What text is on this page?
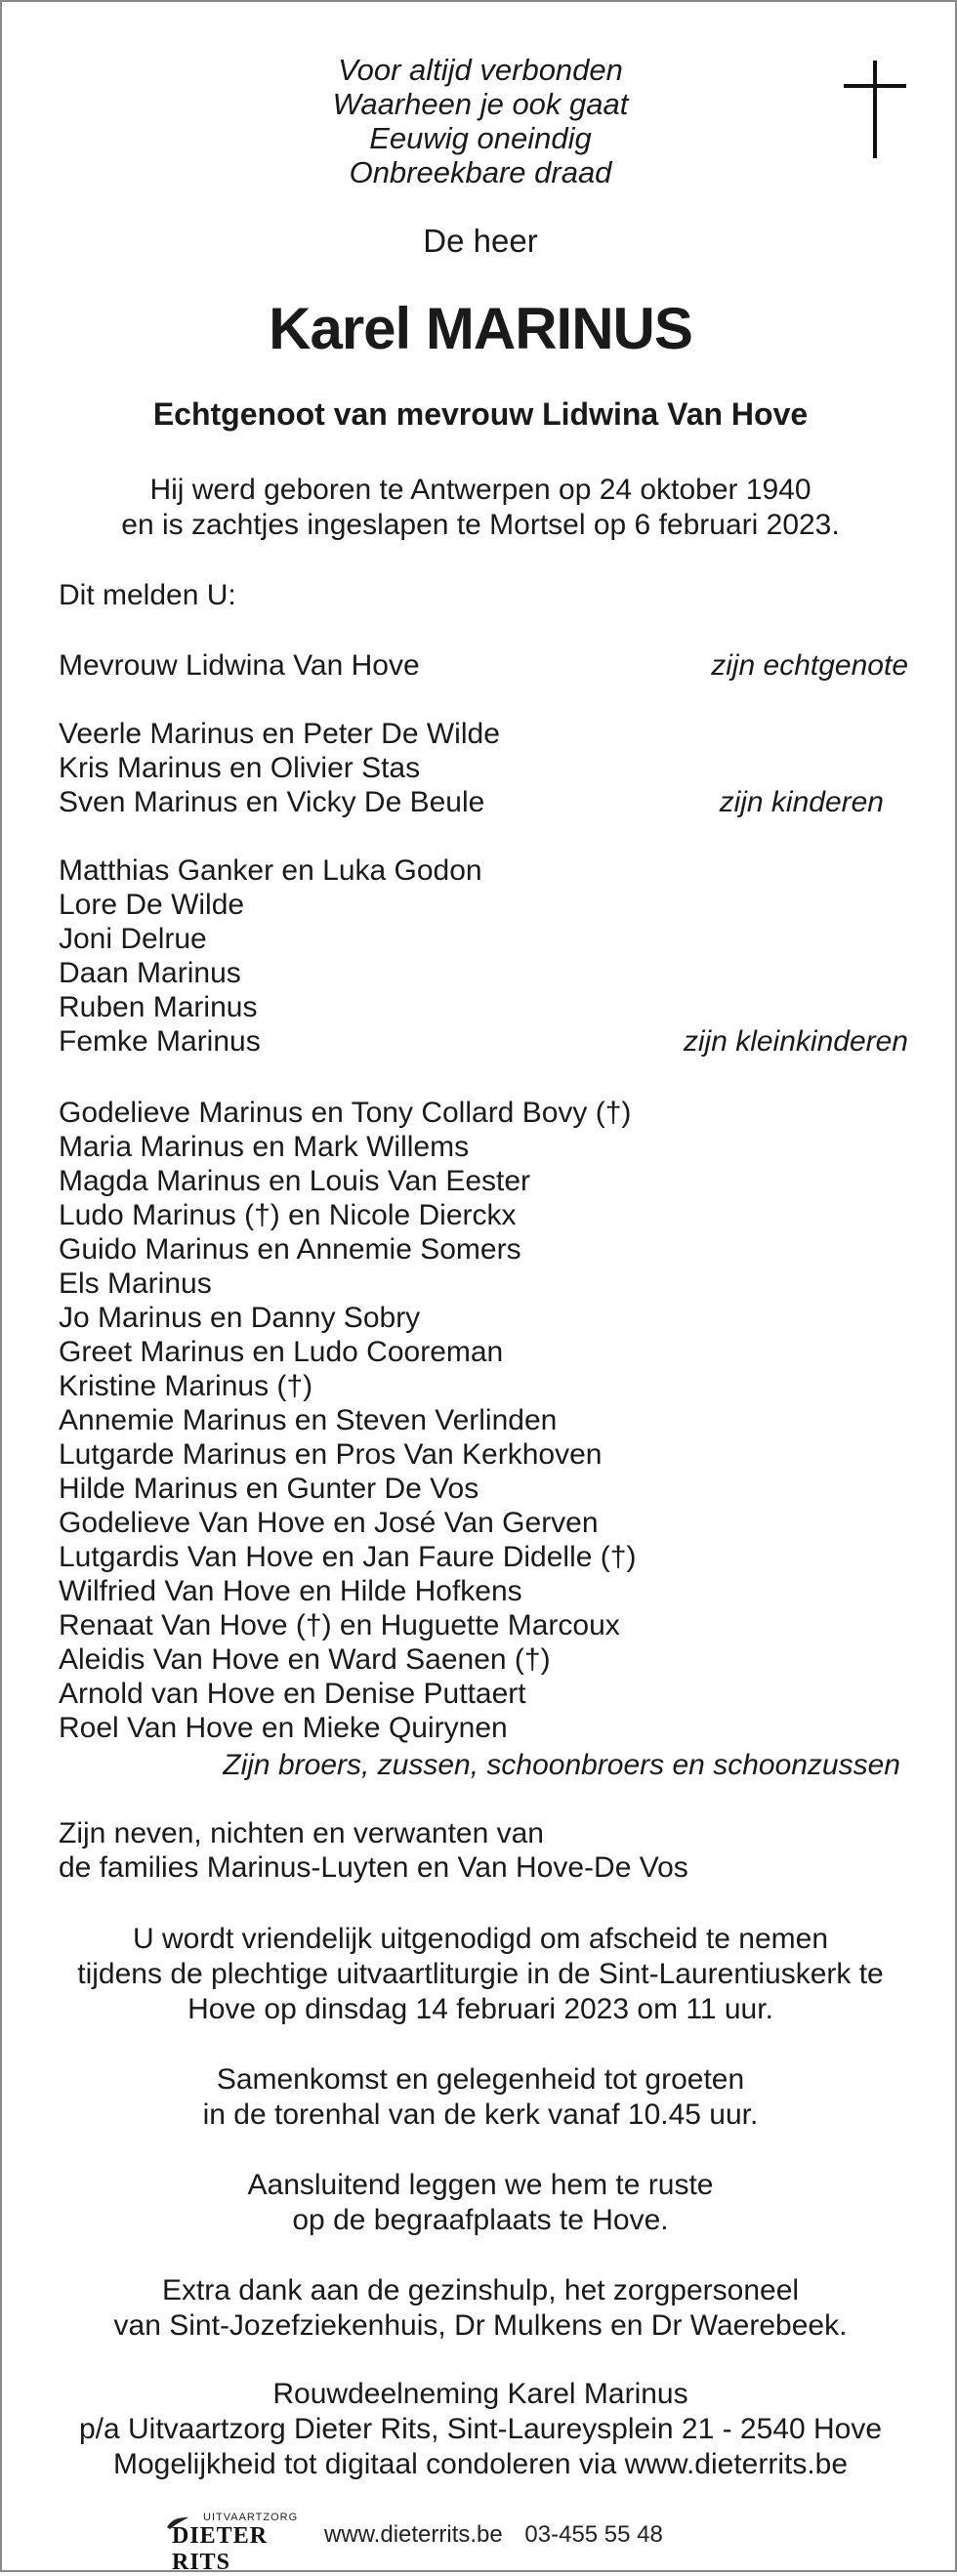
Voor altijd verbonden
Waarheen je ook gaat
Eeuwig oneindig
Onbreekbare draad
De heer
Karel MARINUS
Echtgenoot van mevrouw Lidwina Van Hove
Hij werd geboren te Antwerpen op 24 oktober 1940
en is zachtjes ingeslapen te Mortsel op 6 februari 2023.
Dit melden U:
Mevrouw Lidwina Van Hove	zijn echtgenote
Veerle Marinus en Peter De Wilde
Kris Marinus en Olivier Stas
Sven Marinus en Vicky De Beule	zijn kinderen
Matthias Ganker en Luka Godon
Lore De Wilde
Joni Delrue
Daan Marinus
Ruben Marinus
Femke Marinus	zijn kleinkinderen
Godelieve Marinus en Tony Collard Bovy (†)
Maria Marinus en Mark Willems
Magda Marinus en Louis Van Eester
Ludo Marinus (†) en Nicole Dierckx
Guido Marinus en Annemie Somers
Els Marinus
Jo Marinus en Danny Sobry
Greet Marinus en Ludo Cooreman
Kristine Marinus (†)
Annemie Marinus en Steven Verlinden
Lutgarde Marinus en Pros Van Kerkhoven
Hilde Marinus en Gunter De Vos
Godelieve Van Hove en José Van Gerven
Lutgardis Van Hove en Jan Faure Didelle (†)
Wilfried Van Hove en Hilde Hofkens
Renaat Van Hove (†) en Huguette Marcoux
Aleidis Van Hove en Ward Saenen (†)
Arnold van Hove en Denise Puttaert
Roel Van Hove en Mieke Quirynen
Zijn broers, zussen, schoonbroers en schoonzussen
Zijn neven, nichten en verwanten van
de families Marinus-Luyten en Van Hove-De Vos
U wordt vriendelijk uitgenodigd om afscheid te nemen
tijdens de plechtige uitvaartliturgie in de Sint-Laurentiuskerk te
Hove op dinsdag 14 februari 2023 om 11 uur.
Samenkomst en gelegenheid tot groeten
in de torenhal van de kerk vanaf 10.45 uur.
Aansluitend leggen we hem te ruste
op de begraafplaats te Hove.
Extra dank aan de gezinshulp, het zorgpersoneel
van Sint-Jozefziekenhuis, Dr Mulkens en Dr Waerebeek.
Rouwdeelneming Karel Marinus
p/a Uitvaartzorg Dieter Rits, Sint-Laureysplein 21 - 2540 Hove
Mogelijkheid tot digitaal condoleren via www.dieterrits.be
UITVAARTZORG
DIETER RITS
www.dieterrits.be 03-455 55 48
